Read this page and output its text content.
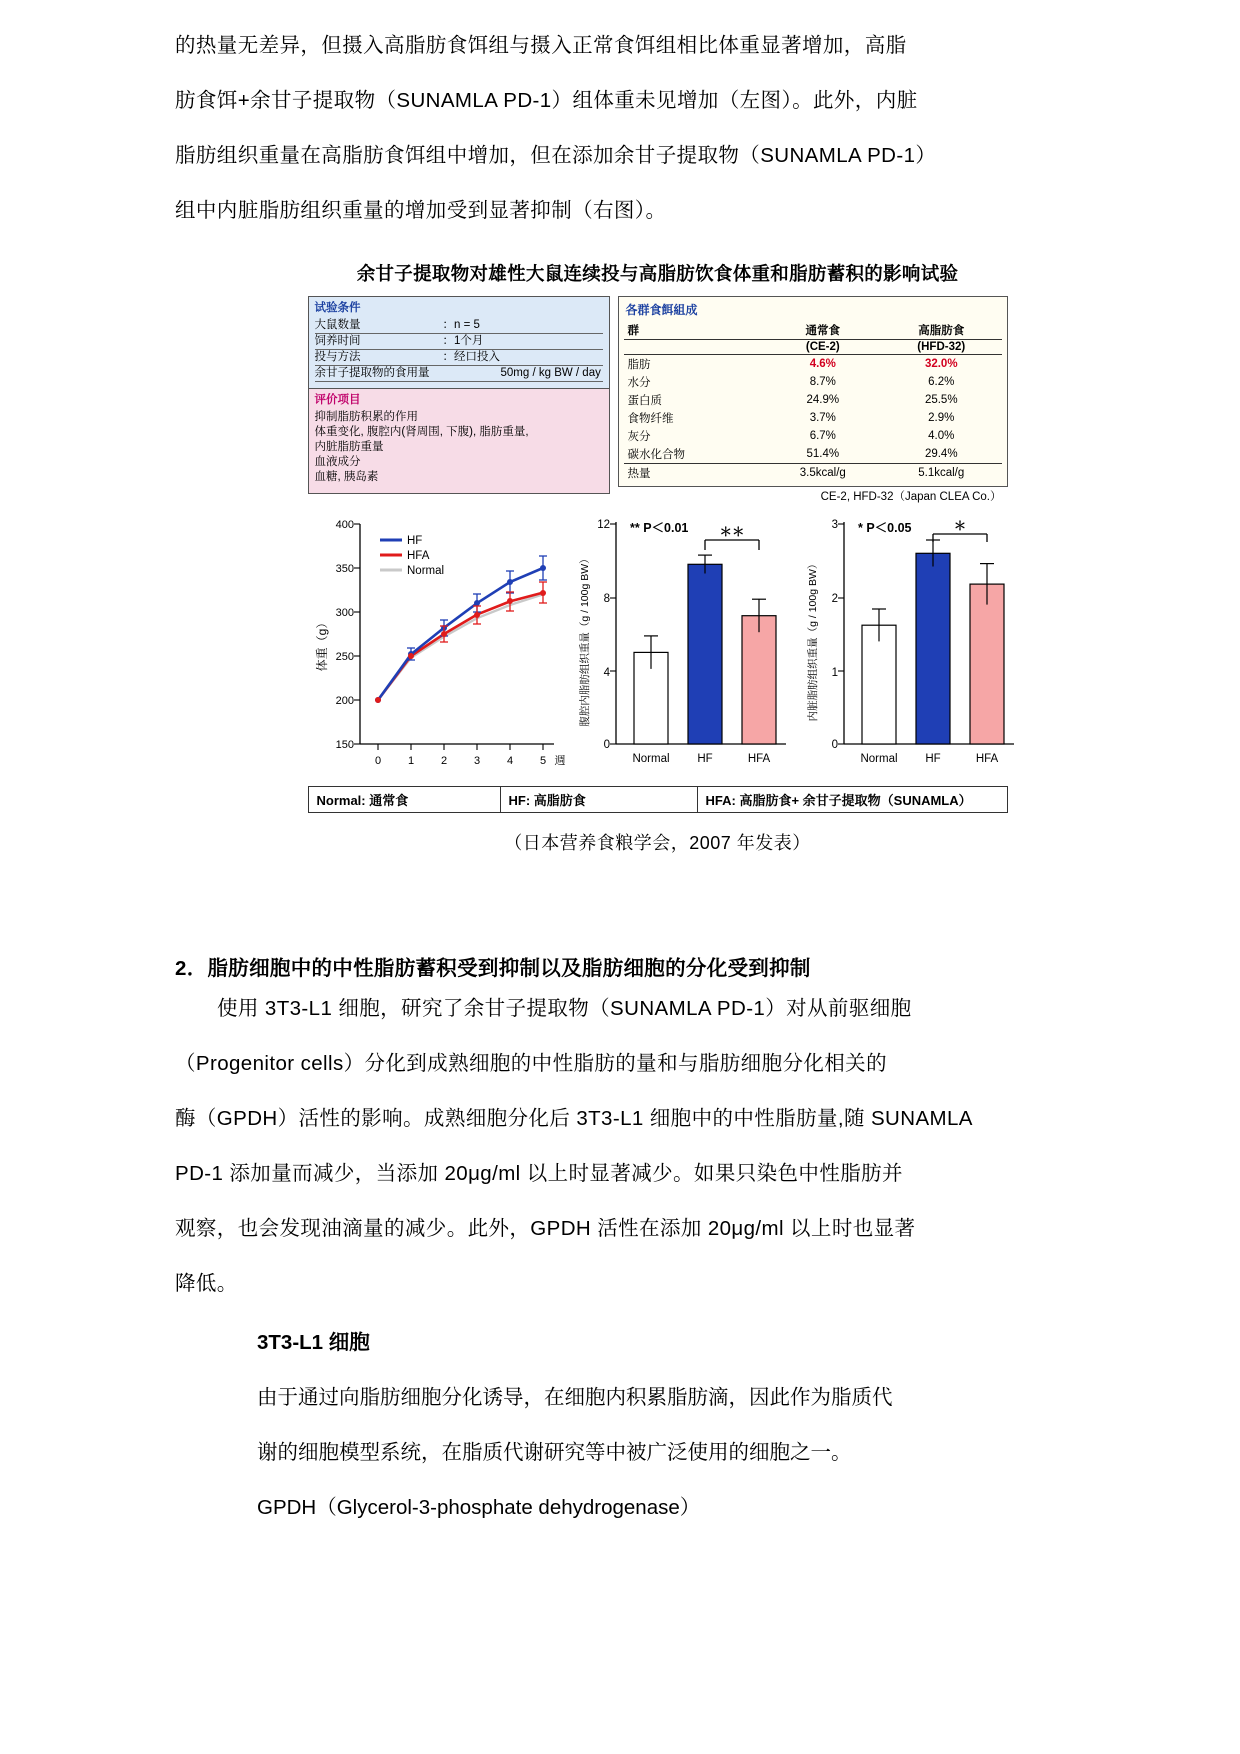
的热量无差异，但摄入高脂肪食饵组与摄入正常食饵组相比体重显著增加，高脂

肪食饵+余甘子提取物（SUNAMLA PD-1）组体重未见增加（左图）。此外，内脏

脂肪组织重量在高脂肪食饵组中增加，但在添加余甘子提取物（SUNAMLA PD-1）

组中内脏脂肪组织重量的增加受到显著抑制（右图）。

余甘子提取物对雄性大鼠连续投与高脂肪饮食体重和脂肪蓄积的影响试验
试验条件
大鼠数量	：n = 5
饲养时间	：1个月
投与方法	：经口投入
余甘子提取物的食用量	50mg / kg BW / day
评价项目
抑制脂肪积累的作用
体重变化, 腹腔内(肾周围, 下腹), 脂肪重量,
内脏脂肪重量
血液成分
血糖, 胰岛素
各群食餌組成
群	通常食	高脂肪食
	(CE-2)	(HFD-32)
脂肪	4.6%	32.0%
水分	8.7%	6.2%
蛋白质	24.9%	25.5%
食物纤维	3.7%	2.9%
灰分	6.7%	4.0%
碳水化合物	51.4%	29.4%
热量	3.5kcal/g	5.1kcal/g
CE-2, HFD-32（Japan CLEA Co.）
400
350
300
250
200
150
0 1 2 3 4 5 週
HF
HFA
Normal
体重（g）
12
8
4
0
＊＊
** P＜0.01
Normal HF	HFA
腹腔内脂肪组织重量（g / 100g BW）
3
2
1
0
＊
* P＜0.05
Normal HF	HFA
内脏脂肪组织重量（g / 100g BW）
Normal: 通常食	HF: 高脂肪食	HFA: 高脂肪食+ 余甘子提取物（SUNAMLA）

（日本营养食粮学会，2007 年发表）

2．脂肪细胞中的中性脂肪蓄积受到抑制以及脂肪细胞的分化受到抑制

使用 3T3-L1 细胞，研究了余甘子提取物（SUNAMLA PD-1）对从前驱细胞

（Progenitor cells）分化到成熟细胞的中性脂肪的量和与脂肪细胞分化相关的

酶（GPDH）活性的影响。成熟细胞分化后 3T3-L1 细胞中的中性脂肪量,随 SUNAMLA

PD-1 添加量而减少，当添加 20μg/ml 以上时显著减少。如果只染色中性脂肪并

观察，也会发现油滴量的减少。此外，GPDH 活性在添加 20μg/ml 以上时也显著

降低。

3T3-L1 细胞

由于通过向脂肪细胞分化诱导，在细胞内积累脂肪滴，因此作为脂质代

谢的细胞模型系统，在脂质代谢研究等中被广泛使用的细胞之一。

GPDH（Glycerol-3-phosphate dehydrogenase）
